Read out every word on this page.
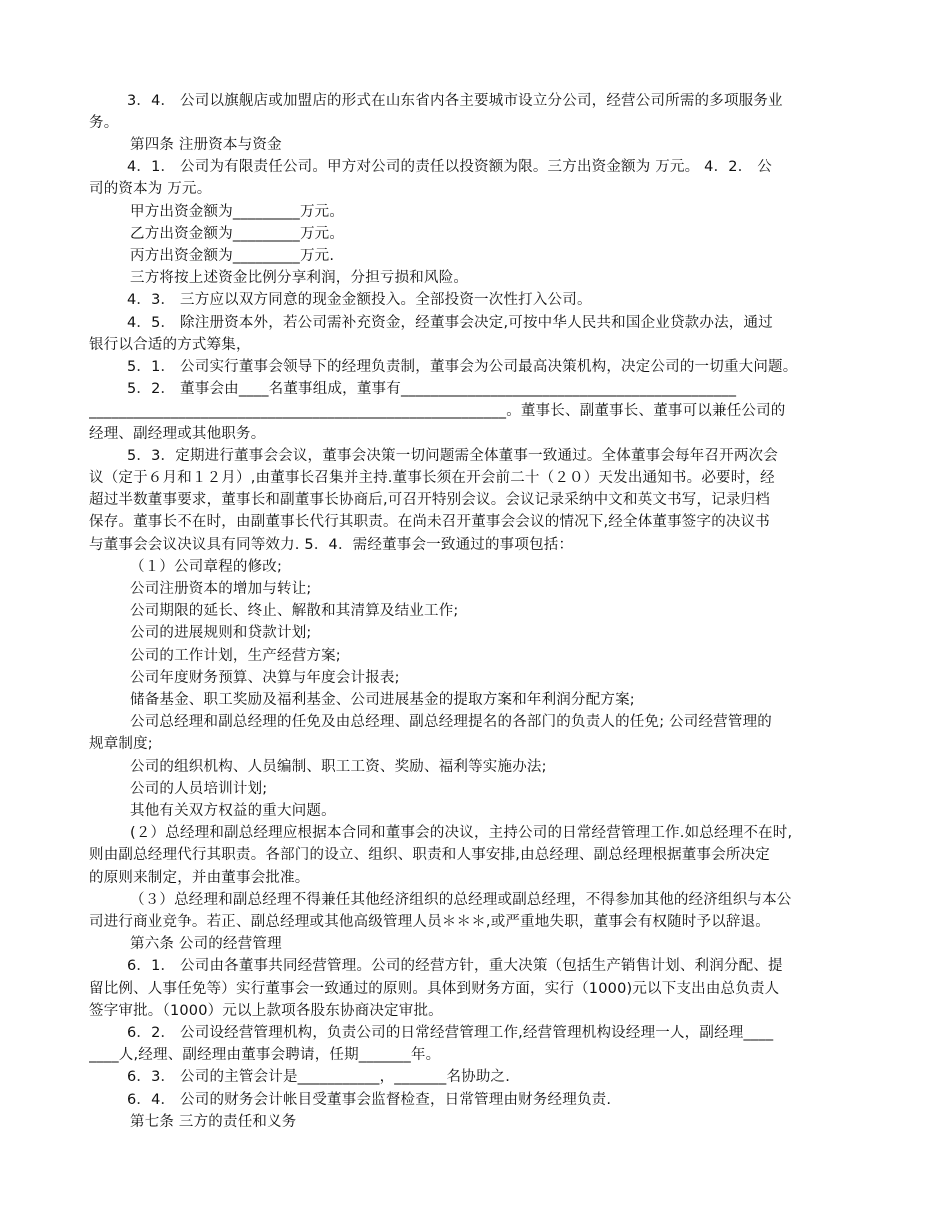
3．4． 公司以旗舰店或加盟店的形式在山东省内各主要城市设立分公司，经营公司所需的多项服务业
务。
第四条 注册资本与资金
4．1． 公司为有限责任公司。甲方对公司的责任以投资额为限。三方出资金额为 万元。 4．2． 公
司的资本为 万元。
甲方出资金额为_________万元。
乙方出资金额为_________万元。
丙方出资金额为_________万元.
三方将按上述资金比例分享利润，分担亏损和风险。
4．3． 三方应以双方同意的现金金额投入。全部投资一次性打入公司。
4．5． 除注册资本外，若公司需补充资金，经董事会决定,可按中华人民共和国企业贷款办法，通过
银行以合适的方式筹集，
5．1． 公司实行董事会领导下的经理负责制，董事会为公司最高决策机构，决定公司的一切重大问题。
5．2． 董事会由____名董事组成，董事有_____________________________________________
________________________________________________________。董事长、副董事长、董事可以兼任公司的
经理、副经理或其他职务。
5．3．定期进行董事会会议，董事会决策一切问题需全体董事一致通过。全体董事会每年召开两次会
议（定于６月和１２月）,由董事长召集并主持.董事长须在开会前二十（２０）天发出通知书。必要时，经
超过半数董事要求，董事长和副董事长协商后,可召开特别会议。会议记录采纳中文和英文书写，记录归档
保存。董事长不在时，由副董事长代行其职责。在尚未召开董事会会议的情况下,经全体董事签字的决议书
与董事会会议决议具有同等效力. 5．4．需经董事会一致通过的事项包括：
（１）公司章程的修改;
公司注册资本的增加与转让;
公司期限的延长、终止、解散和其清算及结业工作;
公司的进展规则和贷款计划;
公司的工作计划，生产经营方案;
公司年度财务预算、决算与年度会计报表;
储备基金、职工奖励及福利基金、公司进展基金的提取方案和年利润分配方案;
公司总经理和副总经理的任免及由总经理、副总经理提名的各部门的负责人的任免; 公司经营管理的
规章制度;
公司的组织机构、人员编制、职工工资、奖励、福利等实施办法;
公司的人员培训计划;
其他有关双方权益的重大问题。
(２）总经理和副总经理应根据本合同和董事会的决议，主持公司的日常经营管理工作.如总经理不在时,
则由副总经理代行其职责。各部门的设立、组织、职责和人事安排,由总经理、副总经理根据董事会所决定
的原则来制定，并由董事会批准。
（３）总经理和副总经理不得兼任其他经济组织的总经理或副总经理，不得参加其他的经济组织与本公
司进行商业竞争。若正、副总经理或其他高级管理人员＊＊＊,或严重地失职，董事会有权随时予以辞退。
第六条 公司的经营管理
6．1． 公司由各董事共同经营管理。公司的经营方针，重大决策（包括生产销售计划、利润分配、提
留比例、人事任免等）实行董事会一致通过的原则。具体到财务方面，实行（1000)元以下支出由总负责人
签字审批。（1000）元以上款项各股东协商决定审批。
6．2． 公司设经营管理机构，负责公司的日常经营管理工作,经营管理机构设经理一人，副经理____
____人,经理、副经理由董事会聘请，任期_______年。
6．3． 公司的主管会计是___________，_______名协助之.
6．4． 公司的财务会计帐目受董事会监督检查，日常管理由财务经理负责.
第七条 三方的责任和义务
